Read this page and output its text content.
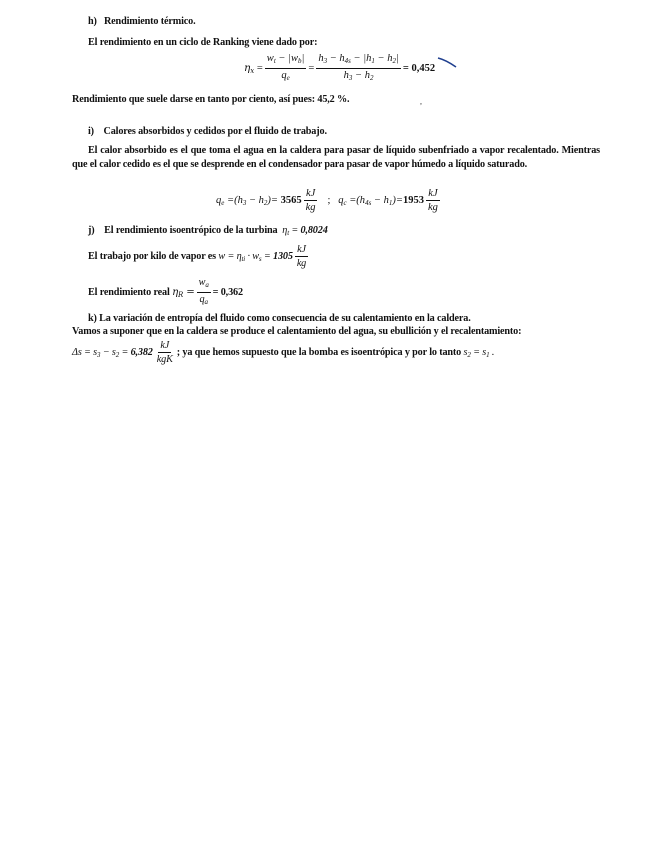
h) Rendimiento térmico.
El rendimiento en un ciclo de Ranking viene dado por:
$\eta_x = \frac{w_t - |w_b|}{q_e} = \frac{h_3 - h_{4s} - |h_1 - h_2|}{h_3 - h_2} = 0,452$
Rendimiento que suele darse en tanto por ciento, así pues: 45,2 %.	,
i) Calores absorbidos y cedidos por el fluido de trabajo.
El calor absorbido es el que toma el agua en la caldera para pasar de líquido subenfriado a vapor recalentado. Mientras que el calor cedido es el que se desprende en el condensador para pasar de vapor húmedo a líquido saturado.
$q_e =(h_3 - h_2)=$
$3565 \frac{kJ}{kg}$
;
$q_c =(h_{4s} - h_1)= 1953 \frac{kJ}{kg}$
j) El rendimiento isoentrópico de la turbina  $\eta_t = 0,8024$
El trabajo por kilo de vapor es
$w = \eta_{ti} \cdot w_s = 1305 \frac{kJ}{kg}$
El rendimiento real
$\eta_R = \frac{w_a}{q_a} = 0,362$
k) La variación de entropía del fluido como consecuencia de su calentamiento en la caldera.
Vamos a suponer que en la caldera se produce el calentamiento del agua, su ebullición y el recalentamiento:
$\Delta s = s_3 - s_2 = 6,382 \frac{kJ}{\text{kgK}}$ ; ya que hemos supuesto que la bomba es isoentrópica y por lo tanto
$s_2 = s_1$ .
